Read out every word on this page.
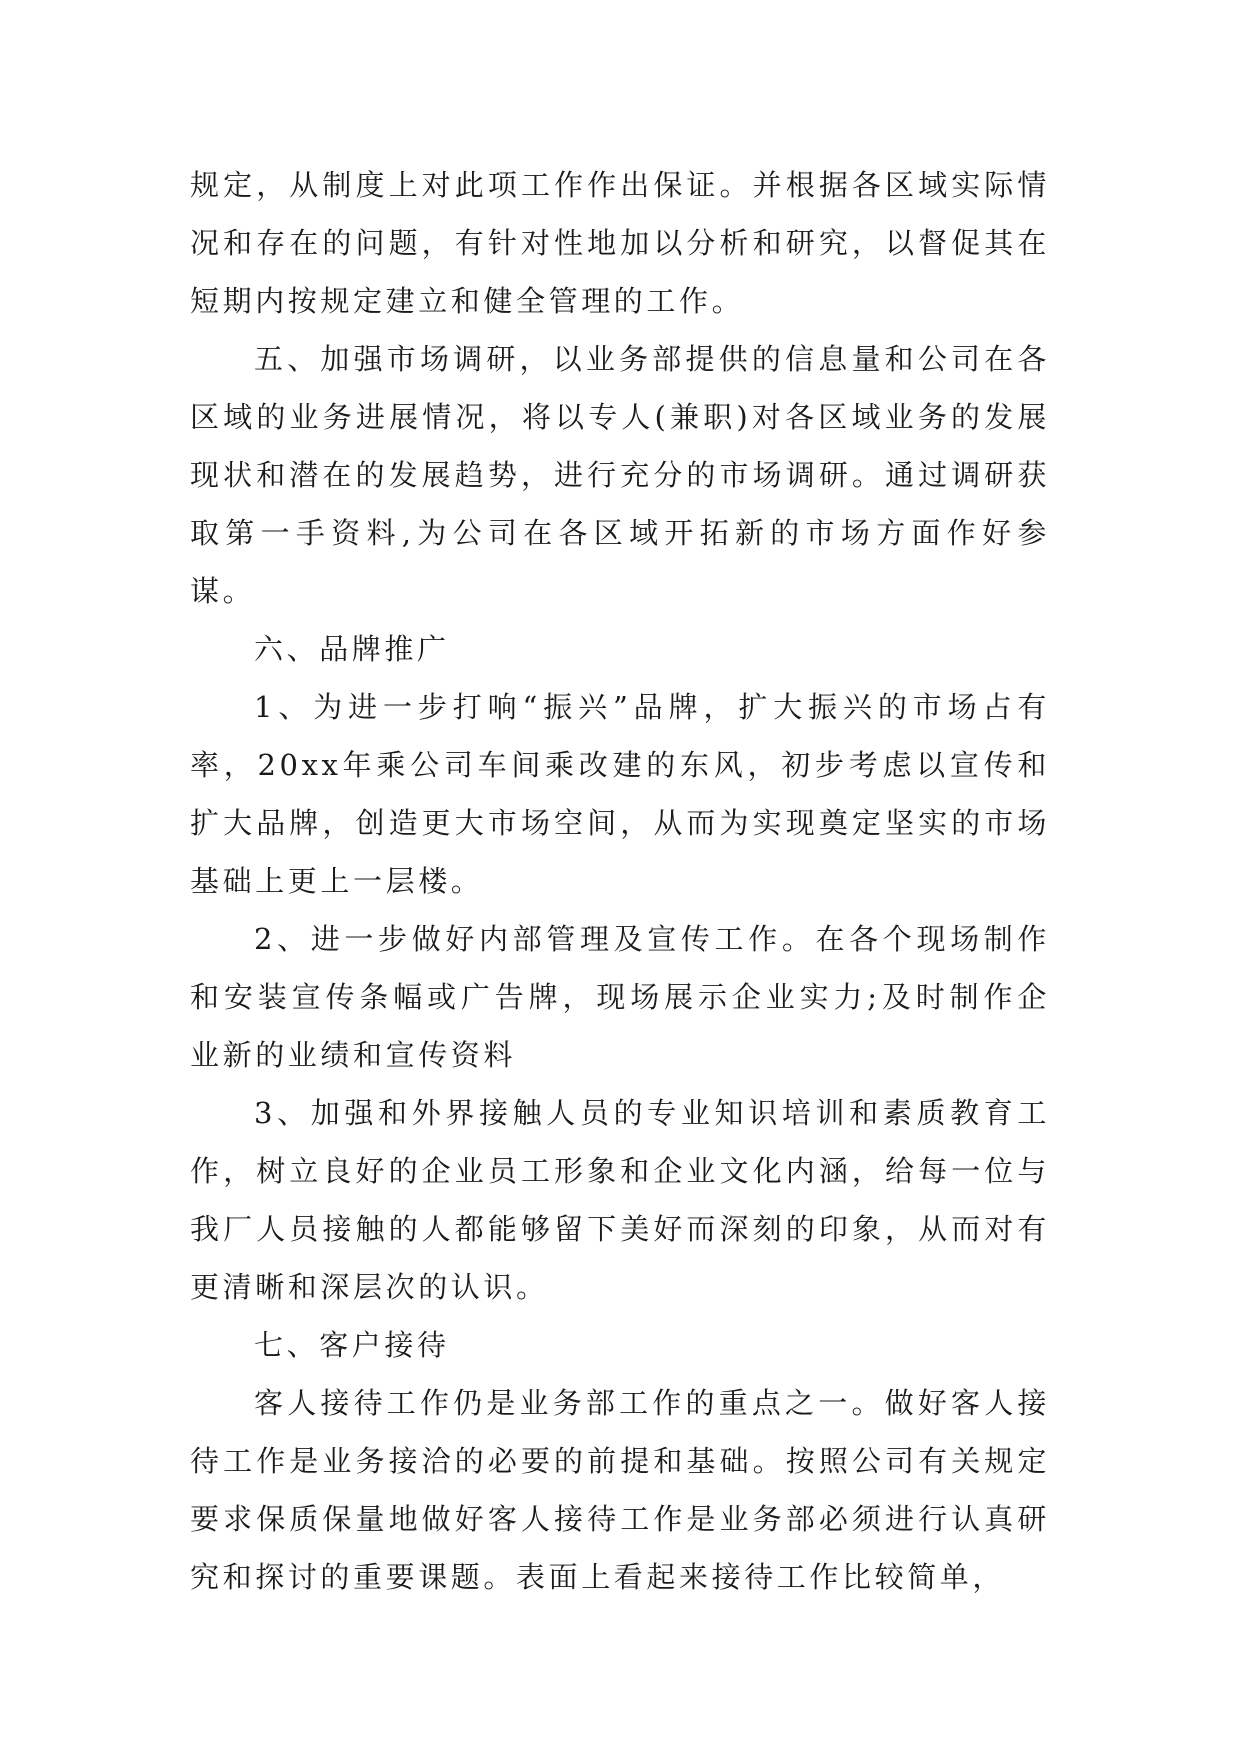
规定，从制度上对此项工作作出保证。并根据各区域实际情况和存在的问题，有针对性地加以分析和研究，以督促其在短期内按规定建立和健全管理的工作。

五、加强市场调研，以业务部提供的信息量和公司在各区域的业务进展情况，将以专人(兼职)对各区域业务的发展现状和潜在的发展趋势，进行充分的市场调研。通过调研获取第一手资料,为公司在各区域开拓新的市场方面作好参谋。

六、品牌推广

1、为进一步打响“振兴”品牌，扩大振兴的市场占有率，20xx年乘公司车间乘改建的东风，初步考虑以宣传和扩大品牌，创造更大市场空间，从而为实现奠定坚实的市场基础上更上一层楼。

2、进一步做好内部管理及宣传工作。在各个现场制作和安装宣传条幅或广告牌，现场展示企业实力;及时制作企业新的业绩和宣传资料

3、加强和外界接触人员的专业知识培训和素质教育工作，树立良好的企业员工形象和企业文化内涵，给每一位与我厂人员接触的人都能够留下美好而深刻的印象，从而对有更清晰和深层次的认识。

七、客户接待

客人接待工作仍是业务部工作的重点之一。做好客人接待工作是业务接洽的必要的前提和基础。按照公司有关规定要求保质保量地做好客人接待工作是业务部必须进行认真研究和探讨的重要课题。表面上看起来接待工作比较简单，
